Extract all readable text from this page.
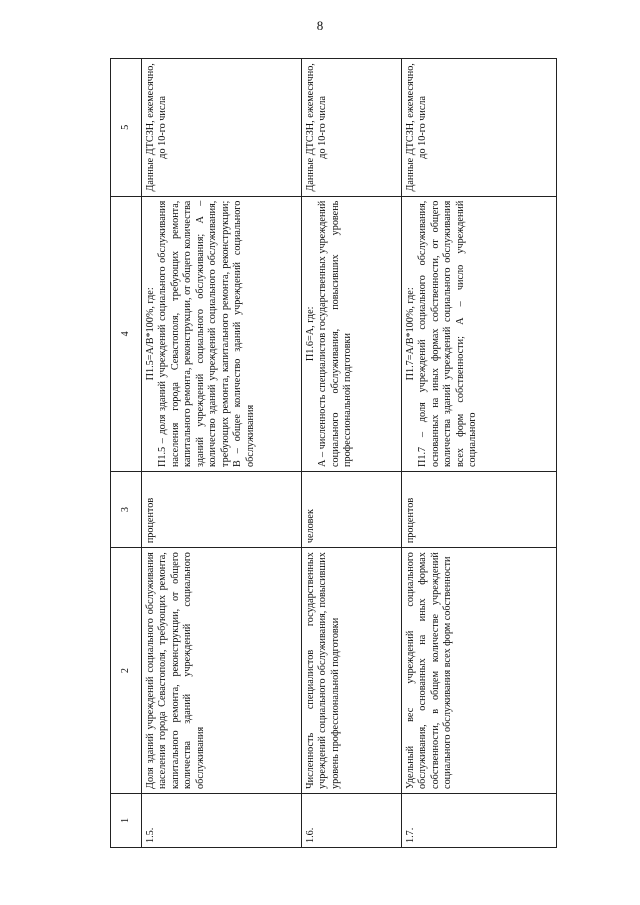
8
1	2	3	4	5
1.5.	Доля зданий учреждений социального обслуживания населения города Севастополя, требующих ремонта, капитального ремонта, реконструкции, от общего количества зданий учреждений социального обслуживания	процентов	П1.5=А/В*100%, где: П1.5 – доля зданий учреждений социального обслуживания населения города Севастополя, требующих ремонта, капитального ремонта, реконструкции, от общего количества зданий учреждений социального обслуживания; А – количество зданий учреждений социального обслуживания, требующих ремонта, капитального ремонта, реконструкции; В – общее количество зданий учреждений социального обслуживания	Данные ДТСЗН, ежемесячно, до 10-го числа
1.6.	Численность специалистов государственных учреждений социального обслуживания, повысивших уровень профессиональной подготовки	человек	П1.6=А, где: А – численность специалистов государственных учреждений социального обслуживания, повысивших уровень профессиональной подготовки	Данные ДТСЗН, ежемесячно, до 10-го числа
1.7.	Удельный вес учреждений социального обслуживания, основанных на иных формах собственности, в общем количестве учреждений социального обслуживания всех форм собственности	процентов	П1.7=А/В*100%, где: П1.7 – доля учреждений социального обслуживания, основанных на иных формах собственности, от общего количества зданий учреждений социального обслуживания всех форм собственности; А – число учреждений социального	Данные ДТСЗН, ежемесячно, до 10-го числа
